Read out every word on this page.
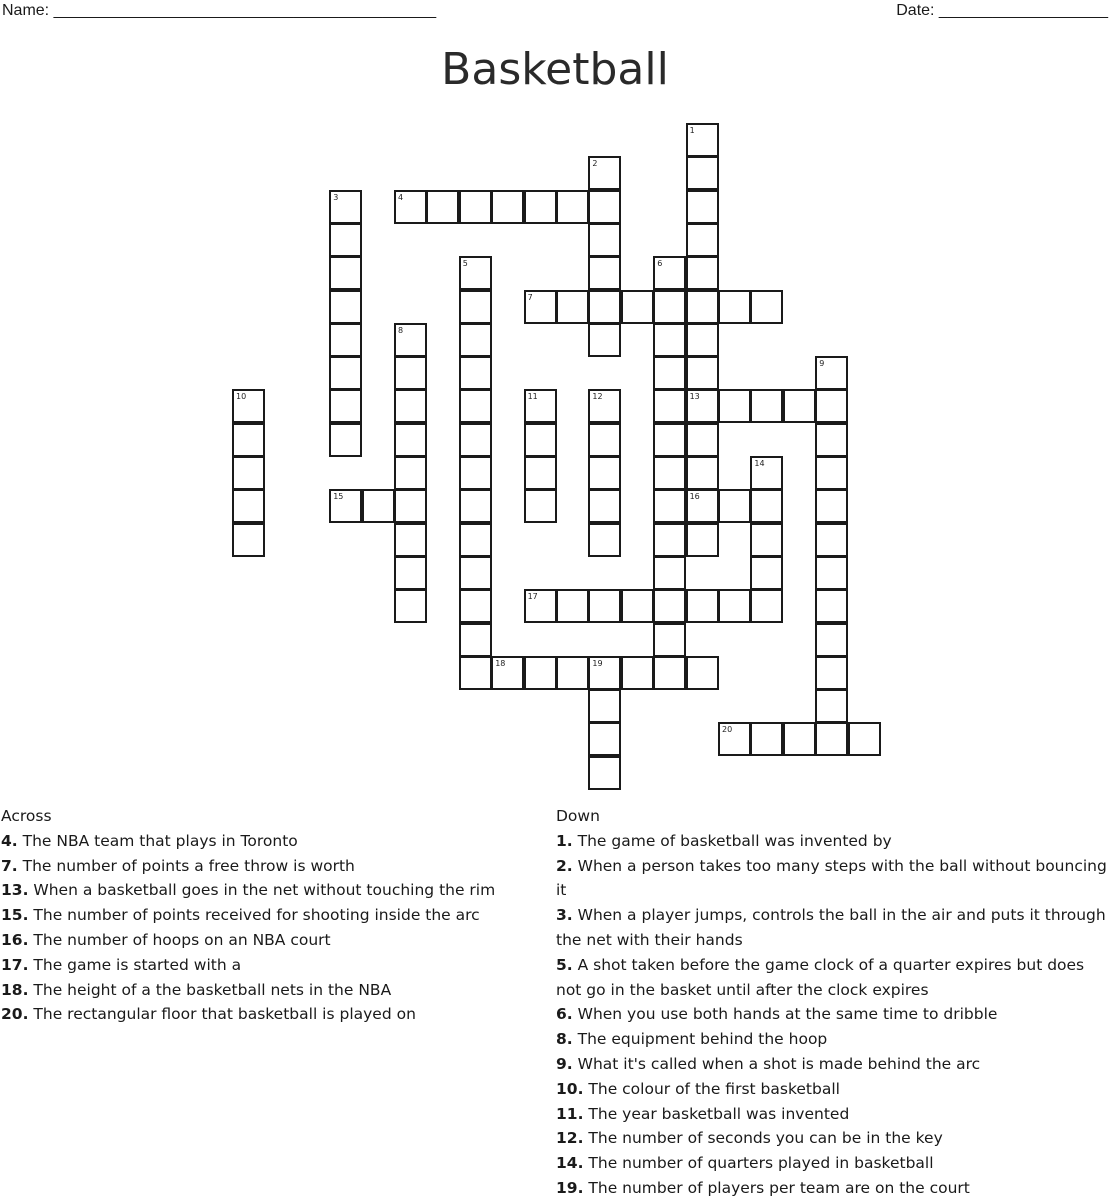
Name: ___________________________________________	Date: ___________________
Basketball
1
13
16
2
3	4
5	6
7
8
9
10	11	12
14
15
17
18	19
20
Across

4. The NBA team that plays in Toronto

7. The number of points a free throw is worth

13. When a basketball goes in the net without touching the rim

15. The number of points received for shooting inside the arc

16. The number of hoops on an NBA court

17. The game is started with a

18. The height of a the basketball nets in the NBA

20. The rectangular floor that basketball is played on

Down

1. The game of basketball was invented by

2. When a person takes too many steps with the ball without bouncing it

3. When a player jumps, controls the ball in the air and puts it through the net with their hands

5. A shot taken before the game clock of a quarter expires but does not go in the basket until after the clock expires

6. When you use both hands at the same time to dribble

8. The equipment behind the hoop

9. What it's called when a shot is made behind the arc

10. The colour of the first basketball

11. The year basketball was invented

12. The number of seconds you can be in the key

14. The number of quarters played in basketball

19. The number of players per team are on the court
